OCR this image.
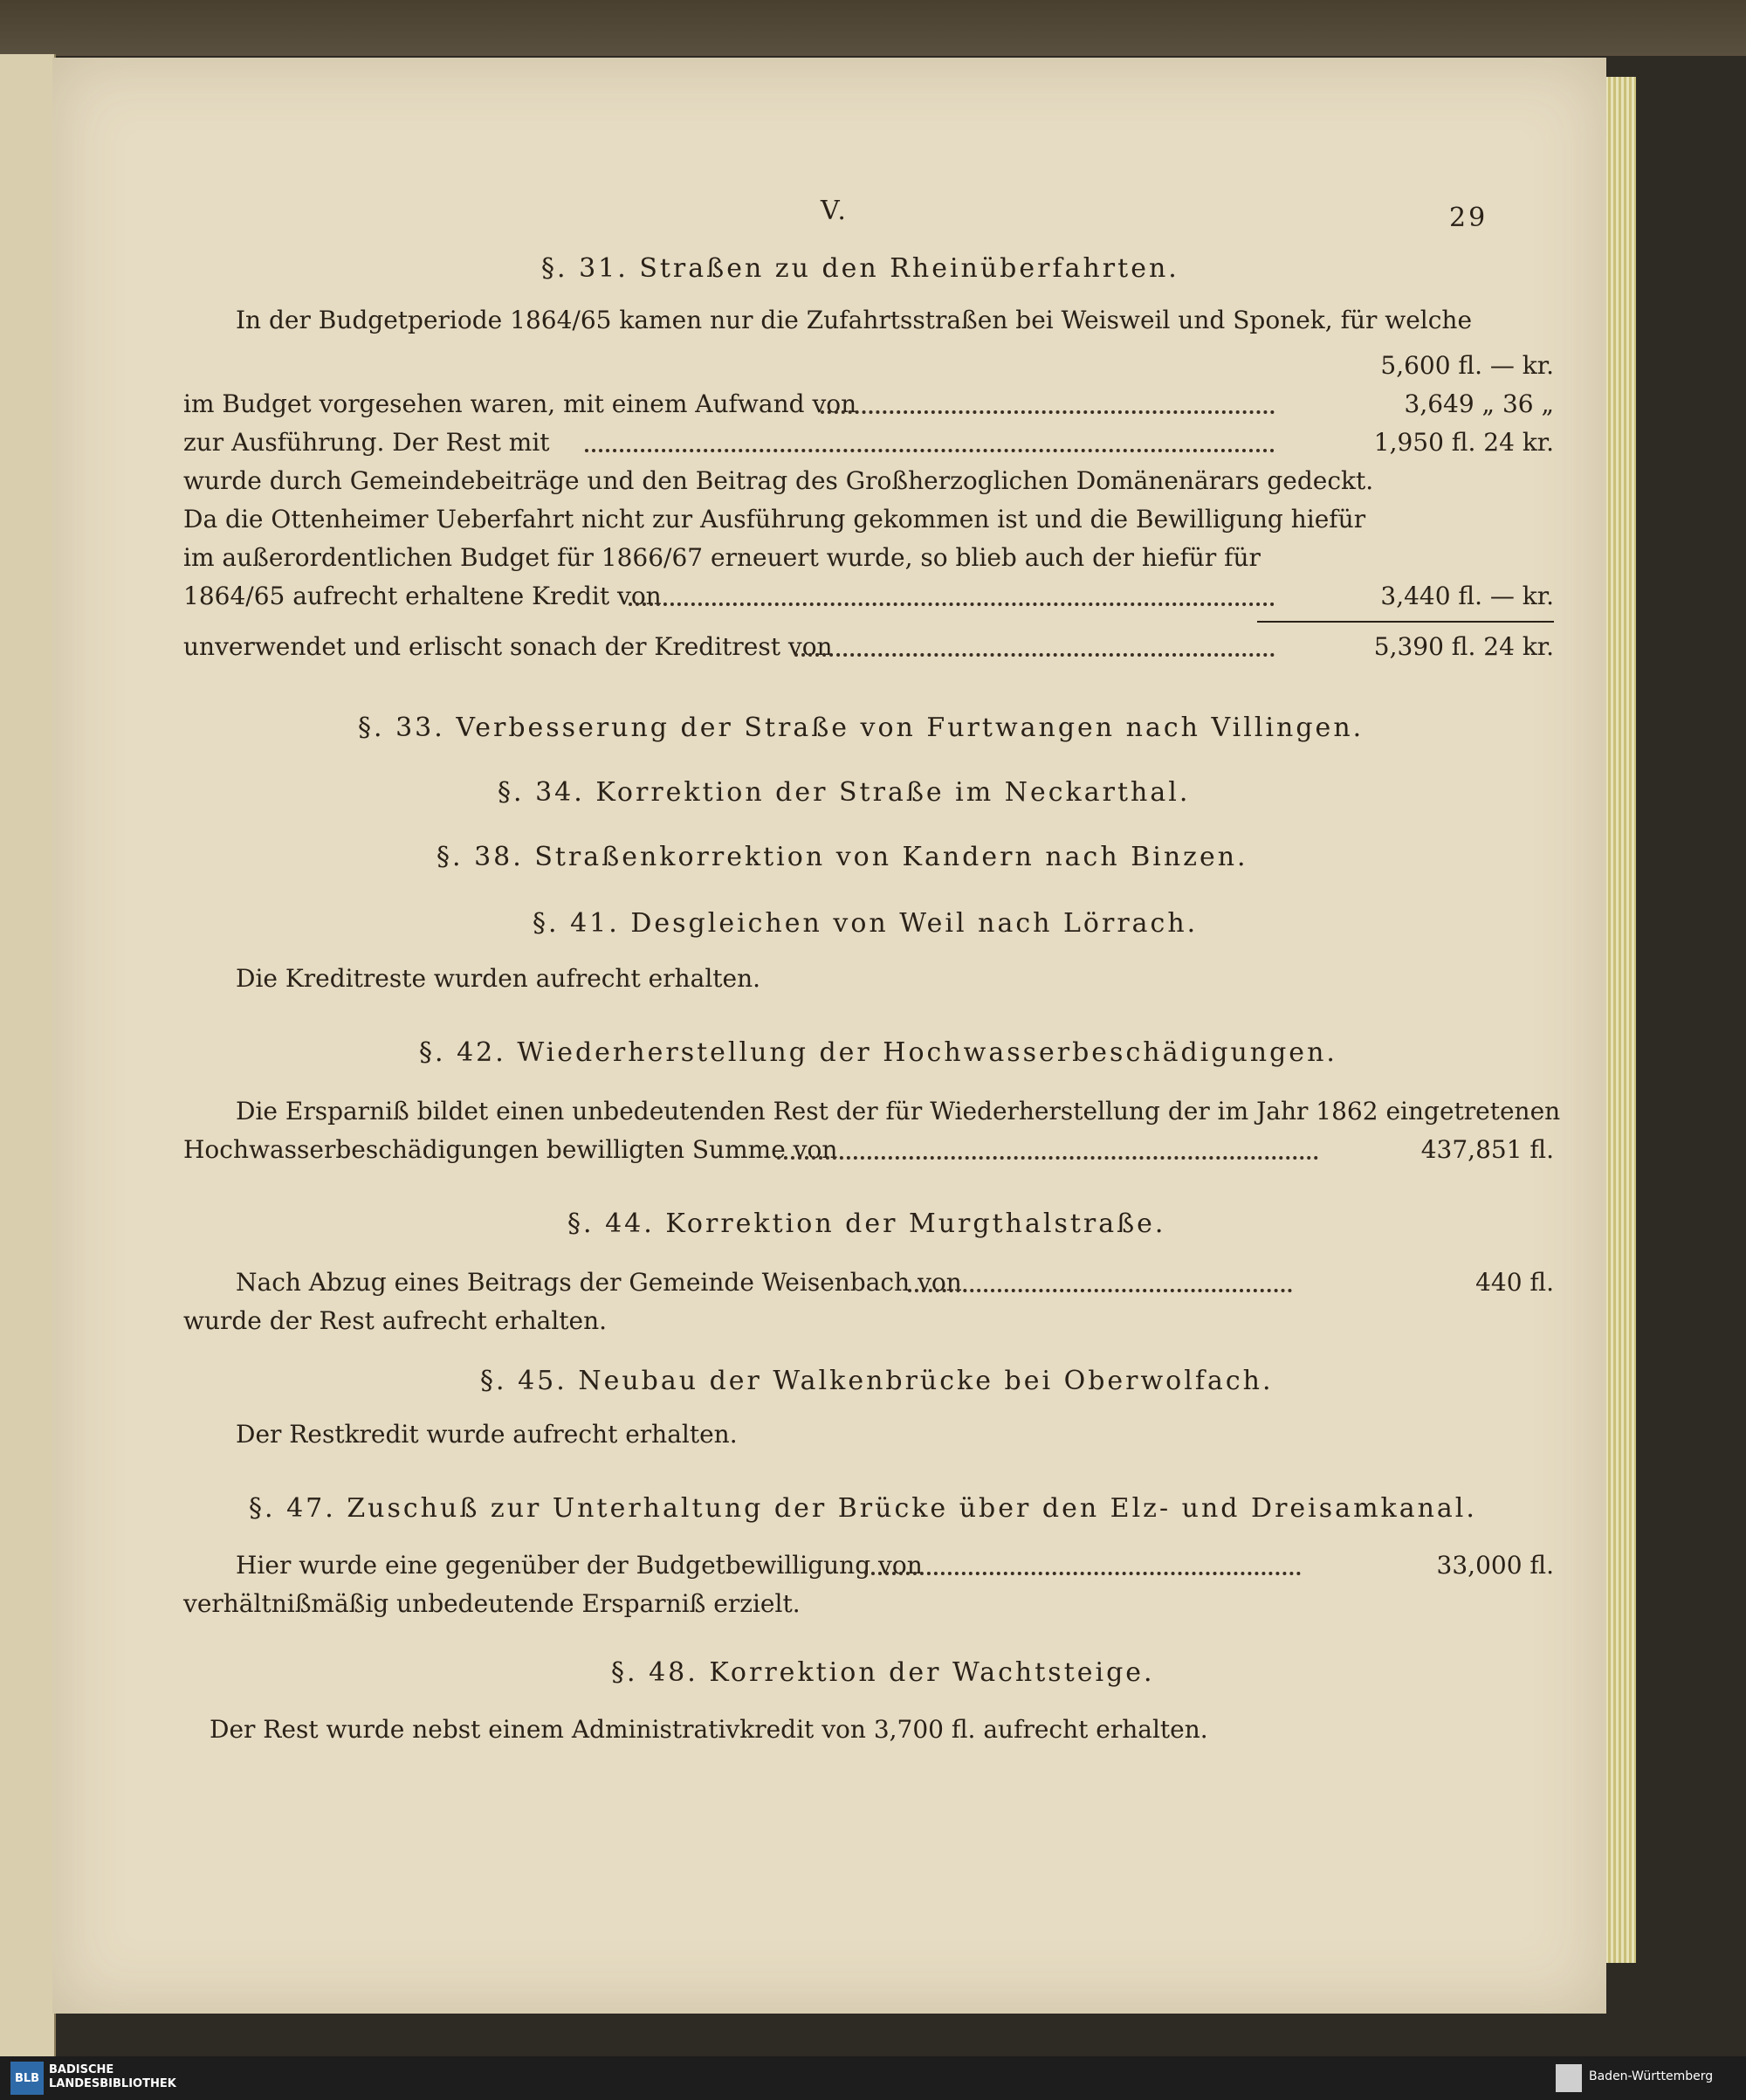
V.	29
§. 31. Straßen zu den Rheinüberfahrten.
In der Budgetperiode 1864/65 kamen nur die Zufahrtsstraßen bei Weisweil und Sponek, für welche
5,600 fl. — kr.
im Budget vorgesehen waren, mit einem Aufwand von	3,649 „ 36 „
zur Ausführung. Der Rest mit	1,950 fl. 24 kr.
wurde durch Gemeindebeiträge und den Beitrag des Großherzoglichen Domänenärars gedeckt.
Da die Ottenheimer Ueberfahrt nicht zur Ausführung gekommen ist und die Bewilligung hiefür
im außerordentlichen Budget für 1866/67 erneuert wurde, so blieb auch der hiefür für
1864/65 aufrecht erhaltene Kredit von	3,440 fl. — kr.
unverwendet und erlischt sonach der Kreditrest von	5,390 fl. 24 kr.
§. 33. Verbesserung der Straße von Furtwangen nach Villingen.
§. 34. Korrektion der Straße im Neckarthal.
§. 38. Straßenkorrektion von Kandern nach Binzen.
§. 41. Desgleichen von Weil nach Lörrach.
Die Kreditreste wurden aufrecht erhalten.
§. 42. Wiederherstellung der Hochwasserbeschädigungen.
Die Ersparniß bildet einen unbedeutenden Rest der für Wiederherstellung der im Jahr 1862 eingetretenen
Hochwasserbeschädigungen bewilligten Summe von	437,851 fl.
§. 44. Korrektion der Murgthalstraße.
Nach Abzug eines Beitrags der Gemeinde Weisenbach von	440 fl.
wurde der Rest aufrecht erhalten.
§. 45. Neubau der Walkenbrücke bei Oberwolfach.
Der Restkredit wurde aufrecht erhalten.
§. 47. Zuschuß zur Unterhaltung der Brücke über den Elz- und Dreisamkanal.
Hier wurde eine gegenüber der Budgetbewilligung von	33,000 fl.
verhältnißmäßig unbedeutende Ersparniß erzielt.
§. 48. Korrektion der Wachtsteige.
Der Rest wurde nebst einem Administrativkredit von 3,700 fl. aufrecht erhalten.
BLB
BADISCHE
LANDESBIBLIOTHEK
Baden-Württemberg
